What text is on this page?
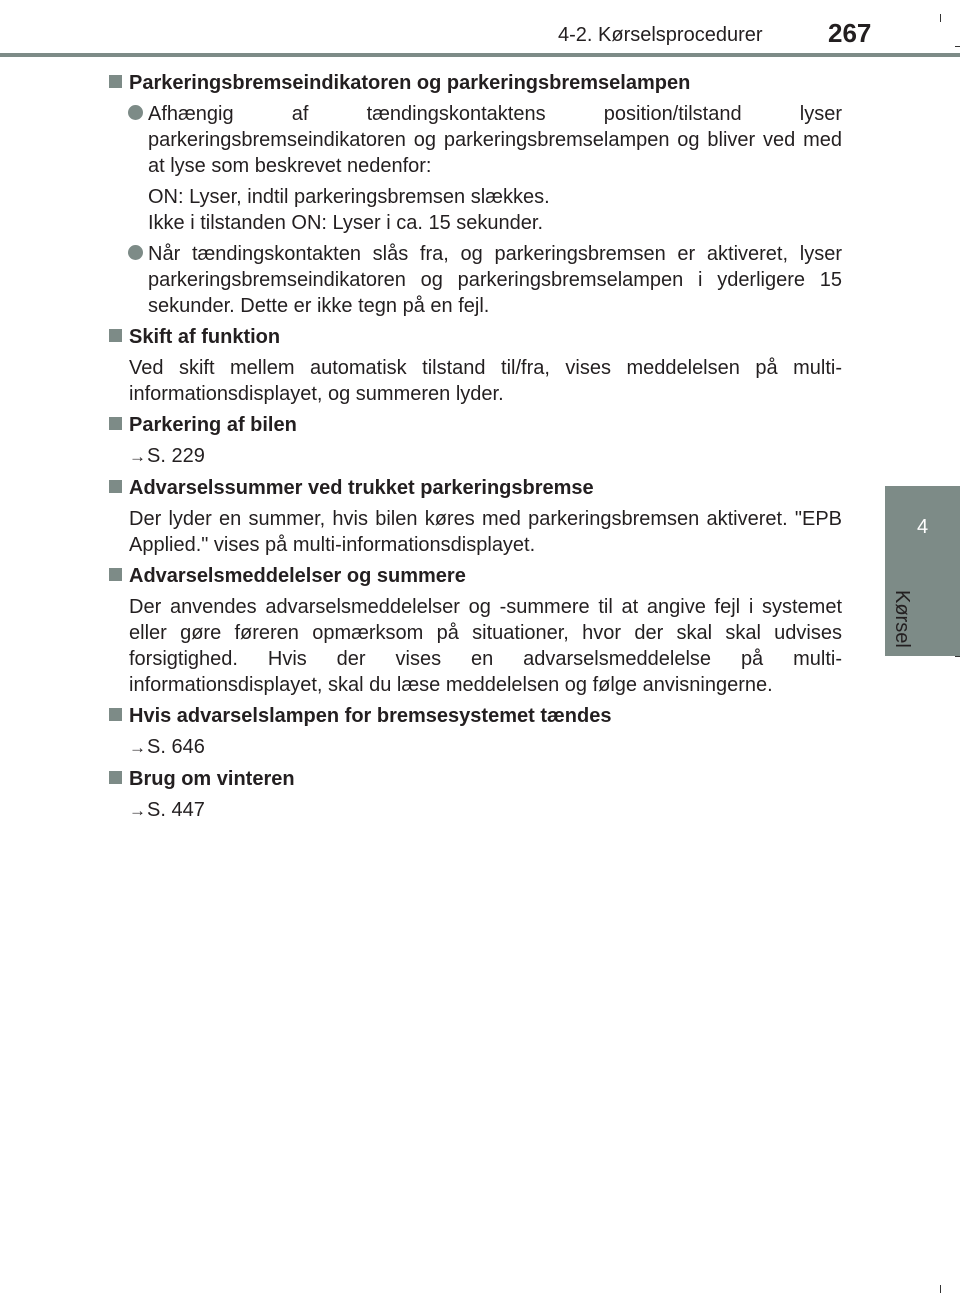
4-2. Kørselsprocedurer	267
4
Kørsel
Parkeringsbremseindikatoren og parkeringsbremselampen
Afhængig af tændingskontaktens position/tilstand lyser parkeringsbremseindikatoren og parkeringsbremselampen og bliver ved med at lyse som beskrevet nedenfor:
ON: Lyser, indtil parkeringsbremsen slækkes.
Ikke i tilstanden ON: Lyser i ca. 15 sekunder.
Når tændingskontakten slås fra, og parkeringsbremsen er aktiveret, lyser parkeringsbremseindikatoren og parkeringsbremselampen i yderligere 15 sekunder. Dette er ikke tegn på en fejl.
Skift af funktion
Ved skift mellem automatisk tilstand til/fra, vises meddelelsen på multi-informationsdisplayet, og summeren lyder.
Parkering af bilen
→S. 229
Advarselssummer ved trukket parkeringsbremse
Der lyder en summer, hvis bilen køres med parkeringsbremsen aktiveret. "EPB Applied." vises på multi-informationsdisplayet.
Advarselsmeddelelser og summere
Der anvendes advarselsmeddelelser og -summere til at angive fejl i systemet eller gøre føreren opmærksom på situationer, hvor der skal skal udvises forsigtighed. Hvis der vises en advarselsmeddelelse på multi-informationsdisplayet, skal du læse meddelelsen og følge anvisningerne.
Hvis advarselslampen for bremsesystemet tændes
→S. 646
Brug om vinteren
→S. 447
